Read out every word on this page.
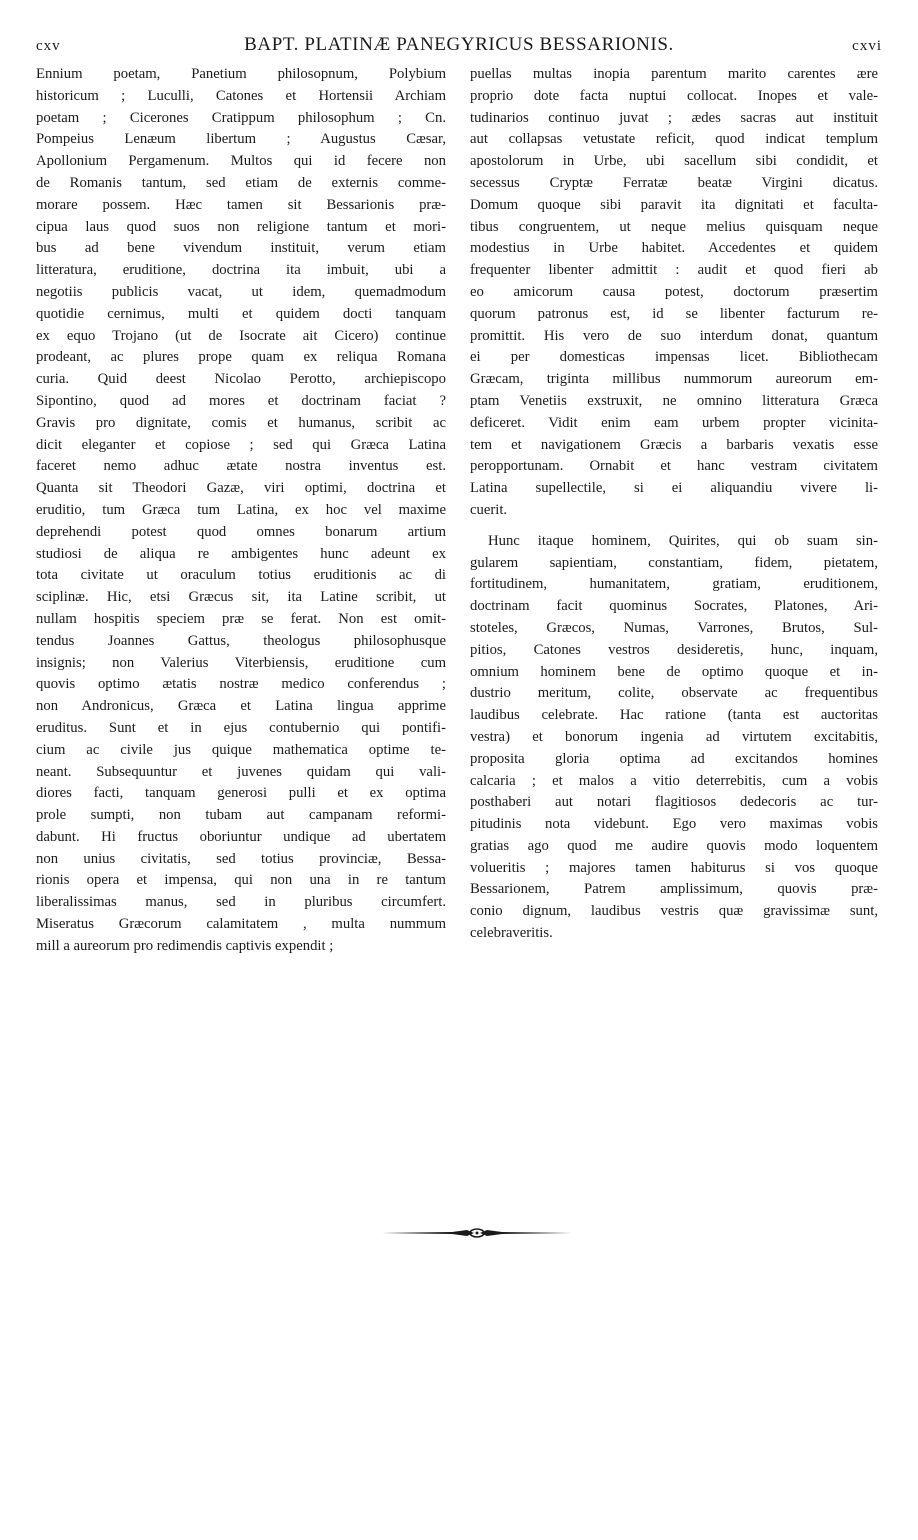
cxv	BAPT. PLATINÆ PANEGYRICUS BESSARIONIS.	cxvi
Ennium poetam, Panetium philosopnum, Polybium
historicum ; Luculli, Catones et Hortensii Archiam
poetam ; Cicerones Cratippum philosophum ; Cn.
Pompeius Lenæum libertum ; Augustus Cæsar,
Apollonium Pergamenum. Multos qui id fecere non
de Romanis tantum, sed etiam de externis comme-
morare possem. Hæc tamen sit Bessarionis præ-
cipua laus quod suos non religione tantum et mori-
bus ad bene vivendum instituit, verum etiam
litteratura, eruditione, doctrina ita imbuit, ubi a
negotiis publicis vacat, ut idem, quemadmodum
quotidie cernimus, multi et quidem docti tanquam
ex equo Trojano (ut de Isocrate ait Cicero) continue
prodeant, ac plures prope quam ex reliqua Romana
curia. Quid deest Nicolao Perotto, archiepiscopo
Sipontino, quod ad mores et doctrinam faciat ?
Gravis pro dignitate, comis et humanus, scribit ac
dicit eleganter et copiose ; sed qui Græca Latina
faceret nemo adhuc ætate nostra inventus est.
Quanta sit Theodori Gazæ, viri optimi, doctrina et
eruditio, tum Græca tum Latina, ex hoc vel maxime
deprehendi potest quod omnes bonarum artium
studiosi de aliqua re ambigentes hunc adeunt ex
tota civitate ut oraculum totius eruditionis ac di
sciplinæ. Hic, etsi Græcus sit, ita Latine scribit, ut
nullam hospitis speciem præ se ferat. Non est omit-
tendus Joannes Gattus, theologus philosophusque
insignis; non Valerius Viterbiensis, eruditione cum
quovis optimo ætatis nostræ medico conferendus ;
non Andronicus, Græca et Latina lingua apprime
eruditus. Sunt et in ejus contubernio qui pontifi-
cium ac civile jus quique mathematica optime te-
neant. Subsequuntur et juvenes quidam qui vali-
diores facti, tanquam generosi pulli et ex optima
prole sumpti, non tubam aut campanam reformi-
dabunt. Hi fructus oboriuntur undique ad ubertatem
non unius civitatis, sed totius provinciæ, Bessa-
rionis opera et impensa, qui non una in re tantum
liberalissimas manus, sed in pluribus circumfert.
Miseratus Græcorum calamitatem , multa nummum
mill a aureorum pro redimendis captivis expendit ;
puellas multas inopia parentum marito carentes ære
proprio dote facta nuptui collocat. Inopes et vale-
tudinarios continuo juvat ; ædes sacras aut instituit
aut collapsas vetustate reficit, quod indicat templum
apostolorum in Urbe, ubi sacellum sibi condidit, et
secessus Cryptæ Ferratæ beatæ Virgini dicatus.
Domum quoque sibi paravit ita dignitati et faculta-
tibus congruentem, ut neque melius quisquam neque
modestius in Urbe habitet. Accedentes et quidem
frequenter libenter admittit : audit et quod fieri ab
eo amicorum causa potest, doctorum præsertim
quorum patronus est, id se libenter facturum re-
promittit. His vero de suo interdum donat, quantum
ei per domesticas impensas licet. Bibliothecam
Græcam, triginta millibus nummorum aureorum em-
ptam Venetiis exstruxit, ne omnino litteratura Græca
deficeret. Vidit enim eam urbem propter vicinita-
tem et navigationem Græcis a barbaris vexatis esse
peropportunam. Ornabit et hanc vestram civitatem
Latina supellectile, si ei aliquandiu vivere li-
cuerit.
Hunc itaque hominem, Quirites, qui ob suam sin-
gularem sapientiam, constantiam, fidem, pietatem,
fortitudinem, humanitatem, gratiam, eruditionem,
doctrinam facit quominus Socrates, Platones, Ari-
stoteles, Græcos, Numas, Varrones, Brutos, Sul-
pitios, Catones vestros desideretis, hunc, inquam,
omnium hominem bene de optimo quoque et in-
dustrio meritum, colite, observate ac frequentibus
laudibus celebrate. Hac ratione (tanta est auctoritas
vestra) et bonorum ingenia ad virtutem excitabitis,
proposita gloria optima ad excitandos homines
calcaria ; et malos a vitio deterrebitis, cum a vobis
posthaberi aut notari flagitiosos dedecoris ac tur-
pitudinis nota videbunt. Ego vero maximas vobis
gratias ago quod me audire quovis modo loquentem
volueritis ; majores tamen habiturus si vos quoque
Bessarionem, Patrem amplissimum, quovis præ-
conio dignum, laudibus vestris quæ gravissimæ sunt,
celebraveritis.
